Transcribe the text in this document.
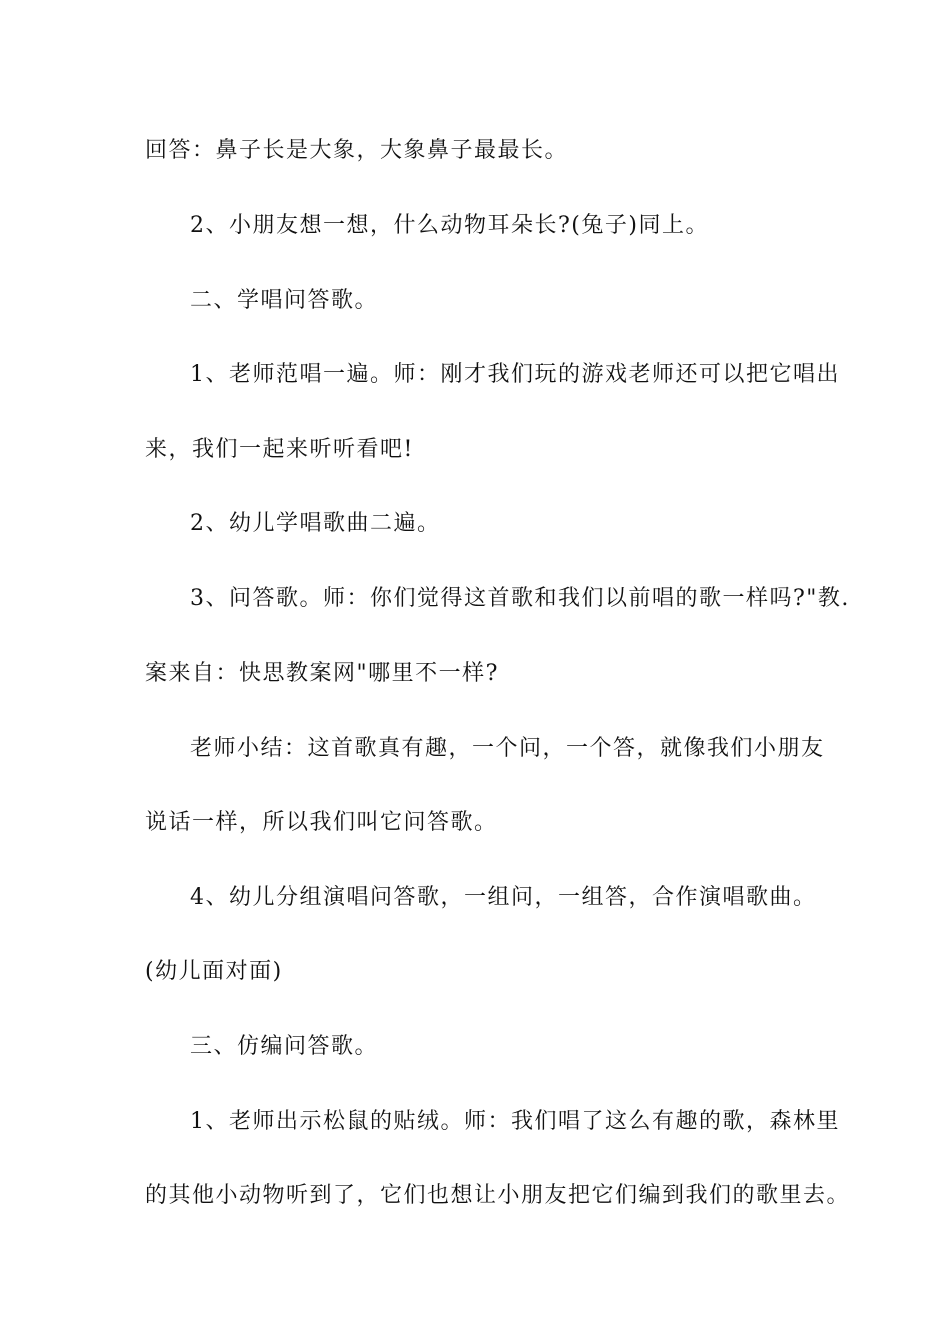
回答：鼻子长是大象，大象鼻子最最长。
2、小朋友想一想，什么动物耳朵长?(兔子)同上。
二、学唱问答歌。
1、老师范唱一遍。师：刚才我们玩的游戏老师还可以把它唱出
来，我们一起来听听看吧!
2、幼儿学唱歌曲二遍。
3、问答歌。师：你们觉得这首歌和我们以前唱的歌一样吗?"教.
案来自：快思教案网"哪里不一样?
老师小结：这首歌真有趣，一个问，一个答，就像我们小朋友
说话一样，所以我们叫它问答歌。
4、幼儿分组演唱问答歌，一组问，一组答，合作演唱歌曲。
(幼儿面对面)
三、仿编问答歌。
1、老师出示松鼠的贴绒。师：我们唱了这么有趣的歌，森林里
的其他小动物听到了，它们也想让小朋友把它们编到我们的歌里去。
